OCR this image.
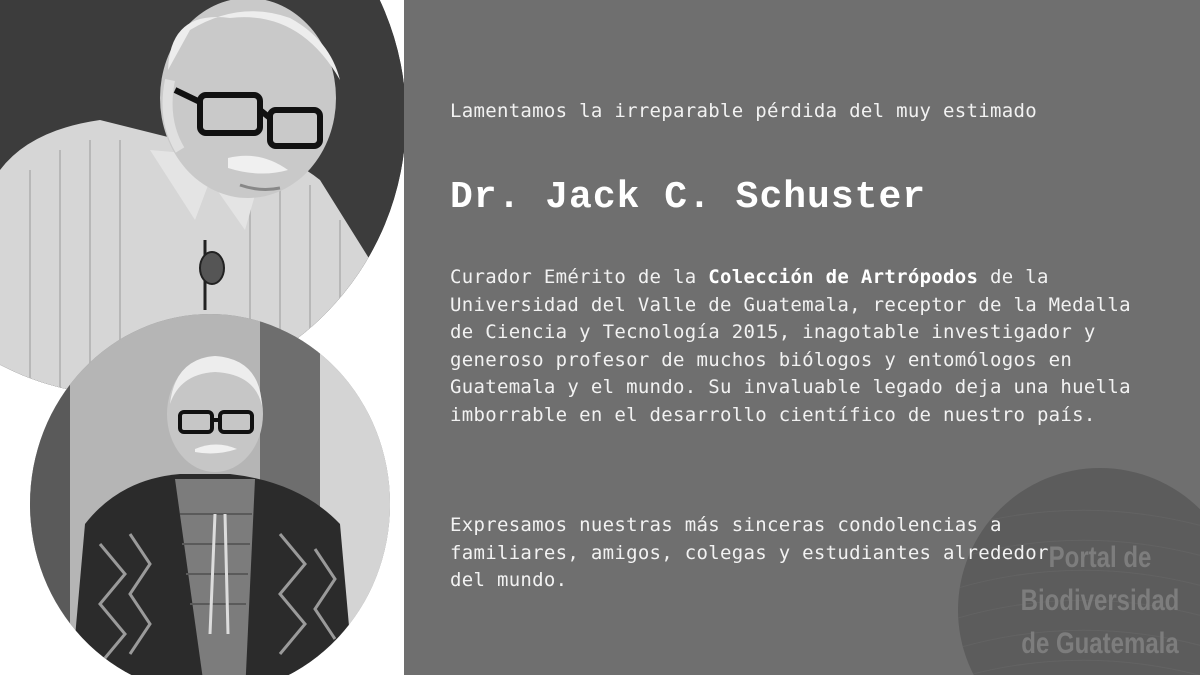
Lamentamos la irreparable pérdida del muy estimado
Dr. Jack C. Schuster
Curador Emérito de la Colección de Artrópodos de la Universidad del Valle de Guatemala, receptor de la Medalla de Ciencia y Tecnología 2015, inagotable investigador y generoso profesor de muchos biólogos y entomólogos en Guatemala y el mundo. Su invaluable legado deja una huella imborrable en el desarrollo científico de nuestro país.
Expresamos nuestras más sinceras condolencias a familiares, amigos, colegas y estudiantes alrededor del mundo.
Portal de
Biodiversidad
de Guatemala
